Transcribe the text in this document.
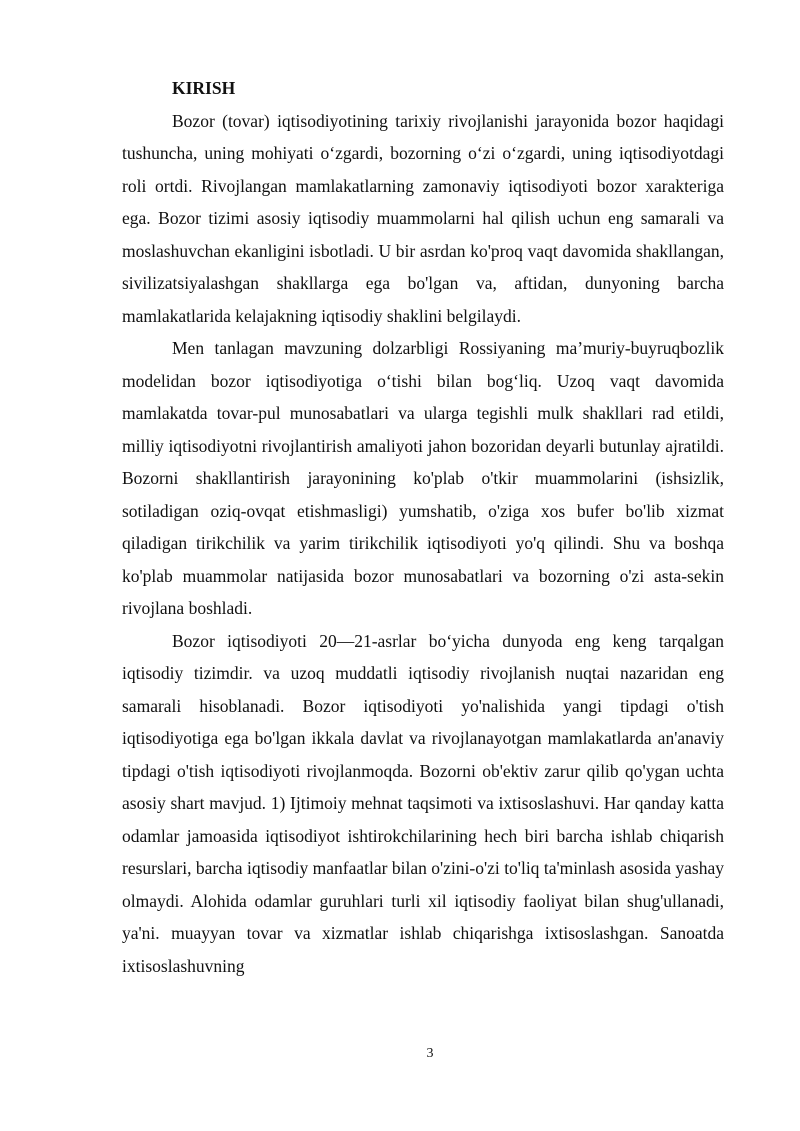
KIRISH

Bozor (tovar) iqtisodiyotining tarixiy rivojlanishi jarayonida bozor haqidagi tushuncha, uning mohiyati o‘zgardi, bozorning o‘zi o‘zgardi, uning iqtisodiyotdagi roli ortdi. Rivojlangan mamlakatlarning zamonaviy iqtisodiyoti bozor xarakteriga ega. Bozor tizimi asosiy iqtisodiy muammolarni hal qilish uchun eng samarali va moslashuvchan ekanligini isbotladi. U bir asrdan ko'proq vaqt davomida shakllangan, sivilizatsiyalashgan shakllarga ega bo'lgan va, aftidan, dunyoning barcha mamlakatlarida kelajakning iqtisodiy shaklini belgilaydi.

Men tanlagan mavzuning dolzarbligi Rossiyaning ma’muriy-buyruqbozlik modelidan bozor iqtisodiyotiga o‘tishi bilan bog‘liq. Uzoq vaqt davomida mamlakatda tovar-pul munosabatlari va ularga tegishli mulk shakllari rad etildi, milliy iqtisodiyotni rivojlantirish amaliyoti jahon bozoridan deyarli butunlay ajratildi. Bozorni shakllantirish jarayonining ko'plab o'tkir muammolarini (ishsizlik, sotiladigan oziq-ovqat etishmasligi) yumshatib, o'ziga xos bufer bo'lib xizmat qiladigan tirikchilik va yarim tirikchilik iqtisodiyoti yo'q qilindi. Shu va boshqa ko'plab muammolar natijasida bozor munosabatlari va bozorning o'zi asta-sekin rivojlana boshladi.

Bozor iqtisodiyoti 20—21-asrlar bo‘yicha dunyoda eng keng tarqalgan iqtisodiy tizimdir. va uzoq muddatli iqtisodiy rivojlanish nuqtai nazaridan eng samarali hisoblanadi. Bozor iqtisodiyoti yo'nalishida yangi tipdagi o'tish iqtisodiyotiga ega bo'lgan ikkala davlat va rivojlanayotgan mamlakatlarda an'anaviy tipdagi o'tish iqtisodiyoti rivojlanmoqda. Bozorni ob'ektiv zarur qilib qo'ygan uchta asosiy shart mavjud. 1) Ijtimoiy mehnat taqsimoti va ixtisoslashuvi. Har qanday katta odamlar jamoasida iqtisodiyot ishtirokchilarining hech biri barcha ishlab chiqarish resurslari, barcha iqtisodiy manfaatlar bilan o'zini-o'zi to'liq ta'minlash asosida yashay olmaydi. Alohida odamlar guruhlari turli xil iqtisodiy faoliyat bilan shug'ullanadi, ya'ni. muayyan tovar va xizmatlar ishlab chiqarishga ixtisoslashgan. Sanoatda ixtisoslashuvning

3
